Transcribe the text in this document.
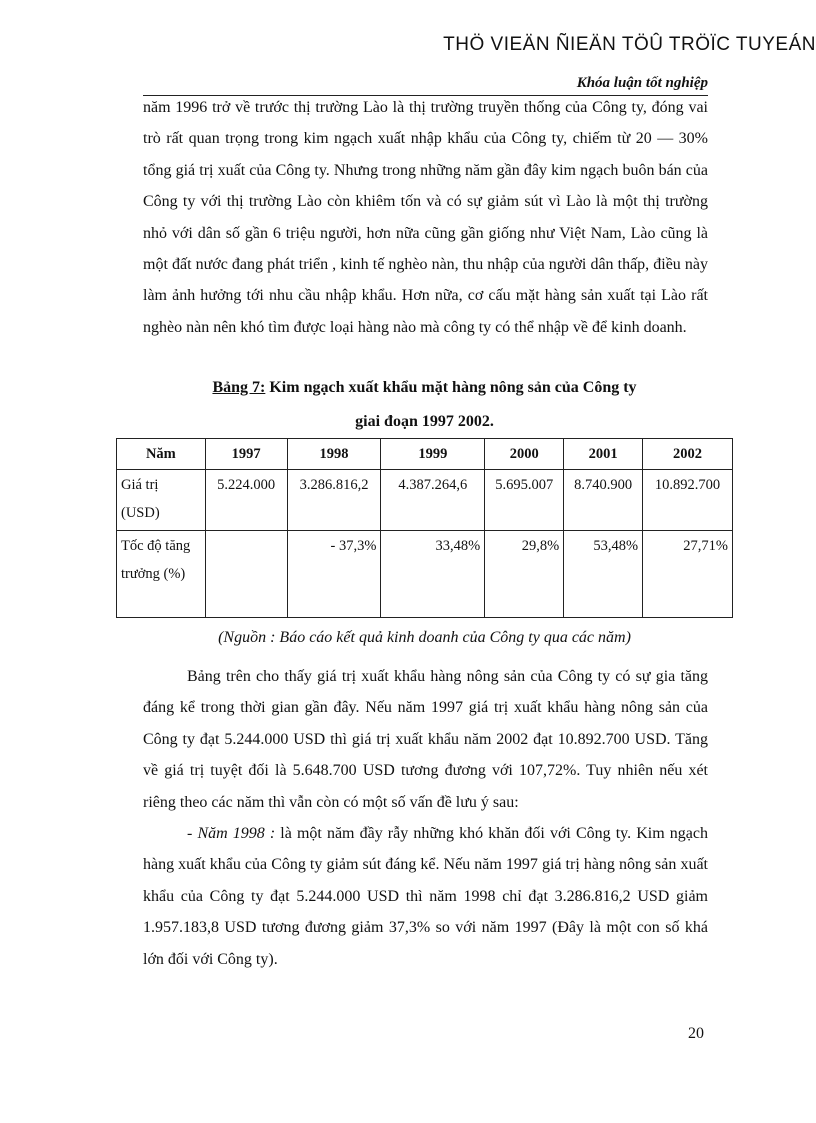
THÖ VIEÄN ÑIEÄN TÖÛ TRÖÏC TUYEÁN
Khóa luận tốt nghiệp

năm 1996 trở về trước thị trường Lào là thị trường truyền thống của Công ty, đóng vai trò rất quan trọng trong kim ngạch xuất nhập khẩu của Công ty, chiếm từ 20 — 30% tổng giá trị xuất của Công ty. Nhưng trong những năm gần đây kim ngạch buôn bán của Công ty với thị trường Lào còn khiêm tốn và có sự giảm sút vì Lào là một thị trường nhỏ với dân số gần 6 triệu người, hơn nữa cũng gần giống như Việt Nam, Lào cũng là một đất nước đang phát triển , kinh tế nghèo nàn, thu nhập của người dân thấp, điều này làm ảnh hưởng tới nhu cầu nhập khẩu. Hơn nữa, cơ cấu mặt hàng sản xuất tại Lào rất nghèo nàn nên khó tìm được loại hàng nào mà công ty có thể nhập về để kinh doanh.

Bảng 7: Kim ngạch xuất khẩu mặt hàng nông sản của Công ty
giai đoạn 1997 2002.
Năm	1997	1998	1999	2000	2001	2002
Giá trị (USD)	5.224.000	3.286.816,2	4.387.264,6	5.695.007	8.740.900	10.892.700
Tốc độ tăng trưởng (%)		- 37,3%	33,48%	29,8%	53,48%	27,71%
(Nguồn : Báo cáo kết quả kinh doanh của Công ty qua các năm)

Bảng trên cho thấy giá trị xuất khẩu hàng nông sản của Công ty có sự gia tăng đáng kể trong thời gian gần đây. Nếu năm 1997 giá trị xuất khẩu hàng nông sản của Công ty đạt 5.244.000 USD thì giá trị xuất khẩu năm 2002 đạt 10.892.700 USD. Tăng về giá trị tuyệt đối là 5.648.700 USD tương đương với 107,72%. Tuy nhiên nếu xét riêng theo các năm thì vẫn còn có một số vấn đề lưu ý sau:

- Năm 1998 : là một năm đầy rẫy những khó khăn đối với Công ty. Kim ngạch hàng xuất khẩu của Công ty giảm sút đáng kể. Nếu năm 1997 giá trị hàng nông sản xuất khẩu của Công ty đạt 5.244.000 USD thì năm 1998 chỉ đạt 3.286.816,2 USD giảm 1.957.183,8 USD tương đương giảm 37,3% so với năm 1997 (Đây là một con số khá lớn đối với Công ty).

20
